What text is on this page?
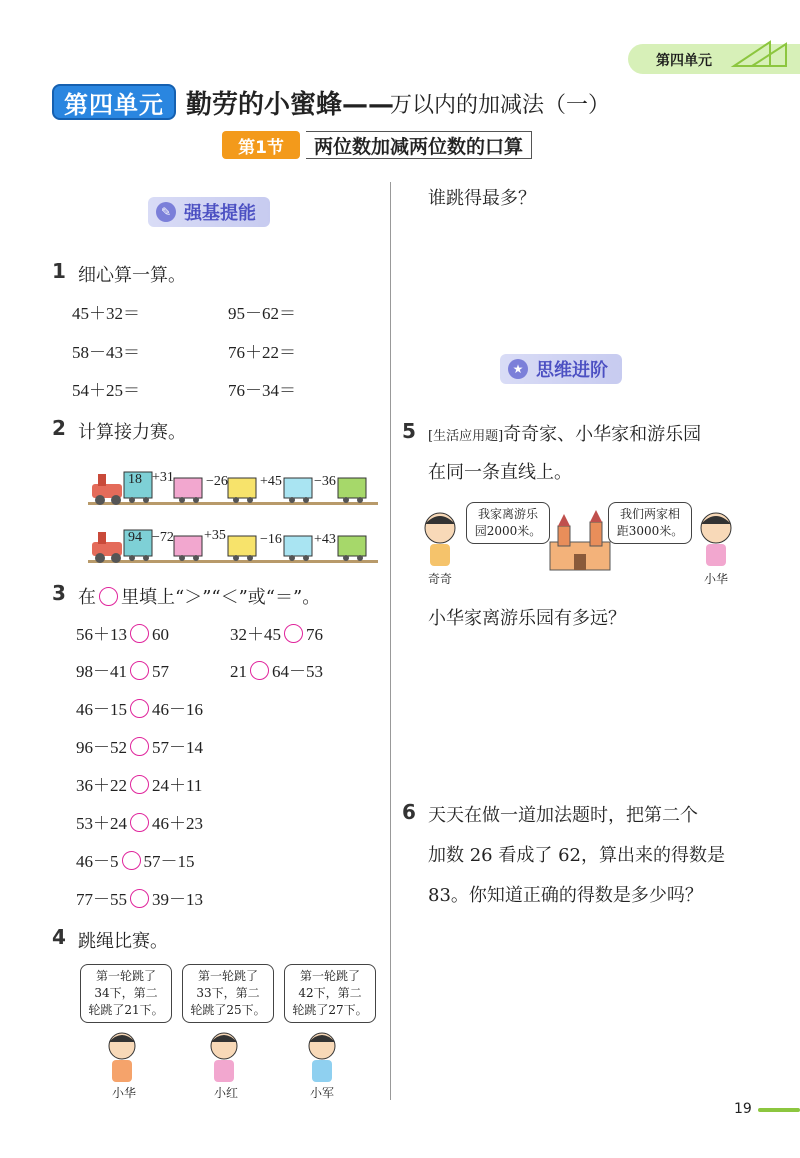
第四单元
第四单元 勤劳的小蜜蜂——
万以内的加减法（一）
第1节	两位数加减两位数的口算
✎ 强基提能
1 细心算一算。
45＋32＝	95－62＝
58－43＝	76＋22＝
54＋25＝	76－34＝
2 计算接力赛。
18 +31 −26 +45 −36
94 −72 +35 −16 +43
3 在 里填上“＞”“＜”或“＝”。
56＋13 60	32＋45 76
98－41 57	21 64－53
46－15 46－16
96－52 57－14
36＋22 24＋11
53＋24 46＋23
46－5 57－15
77－55 39－13
4 跳绳比赛。
第一轮跳了
34下，第二
轮跳了21下。
第一轮跳了
33下，第二
轮跳了25下。
第一轮跳了
42下，第二
轮跳了27下。
小华	小红	小军
谁跳得最多？
★ 思维进阶
5 [生活应用题]奇奇家、小华家和游乐园
在同一条直线上。
我家离游乐
园2000米。
我们两家相
距3000米。
奇奇	小华
小华家离游乐园有多远？
6 天天在做一道加法题时，把第二个
加数 26 看成了 62，算出来的得数是
83。你知道正确的得数是多少吗？
19
